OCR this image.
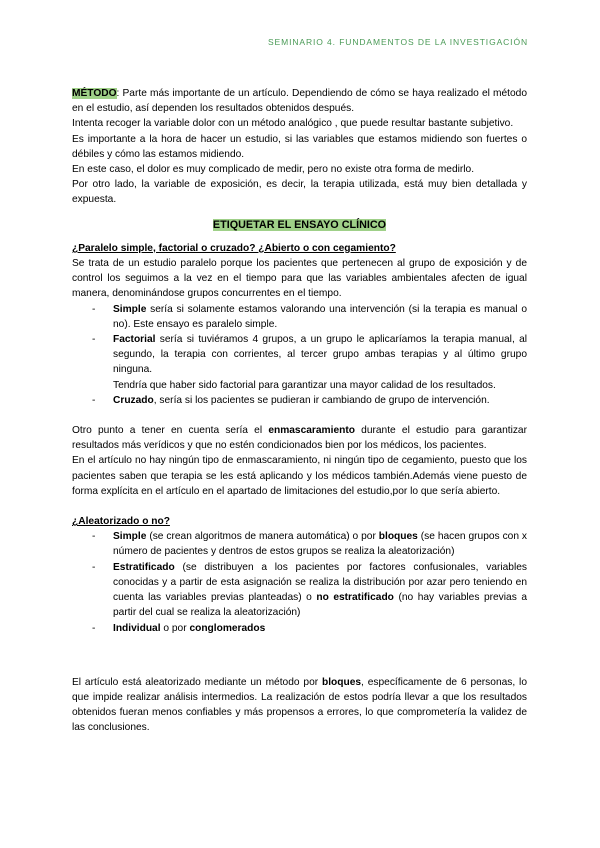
SEMINARIO 4. FUNDAMENTOS DE LA INVESTIGACIÓN

MÉTODO: Parte más importante de un artículo. Dependiendo de cómo se haya realizado el método en el estudio, así dependen los resultados obtenidos después.

Intenta recoger la variable dolor con un método analógico , que puede resultar bastante subjetivo.

Es importante a la hora de hacer un estudio, si las variables que estamos midiendo son fuertes o débiles y cómo las estamos midiendo.

En este caso, el dolor es muy complicado de medir, pero no existe otra forma de medirlo.

Por otro lado, la variable de exposición, es decir, la terapia utilizada, está muy bien detallada y expuesta.

ETIQUETAR EL ENSAYO CLÍNICO

¿Paralelo simple, factorial o cruzado? ¿Abierto o con cegamiento?

Se trata de un estudio paralelo porque los pacientes que pertenecen al grupo de exposición y de control los seguimos a la vez en el tiempo para que las variables ambientales afecten de igual manera, denominándose grupos concurrentes en el tiempo.

- Simple sería si solamente estamos valorando una intervención (si la terapia es manual o no). Este ensayo es paralelo simple.
- Factorial sería si tuviéramos 4 grupos, a un grupo le aplicaríamos la terapia manual, al segundo, la terapia con corrientes, al tercer grupo ambas terapias y al último grupo ninguna.
Tendría que haber sido factorial para garantizar una mayor calidad de los resultados.
- Cruzado, sería si los pacientes se pudieran ir cambiando de grupo de intervención.

Otro punto a tener en cuenta sería el enmascaramiento durante el estudio para garantizar resultados más verídicos y que no estén condicionados bien por los médicos, los pacientes.

En el artículo no hay ningún tipo de enmascaramiento, ni ningún tipo de cegamiento, puesto que los pacientes saben que terapia se les está aplicando y los médicos también.Además viene puesto de forma explícita en el artículo en el apartado de limitaciones del estudio,por lo que sería abierto.

¿Aleatorizado o no?

- Simple (se crean algoritmos de manera automática) o por bloques (se hacen grupos con x número de pacientes y dentros de estos grupos se realiza la aleatorización)
- Estratificado (se distribuyen a los pacientes por factores confusionales, variables conocidas y a partir de esta asignación se realiza la distribución por azar pero teniendo en cuenta las variables previas planteadas) o no estratificado (no hay variables previas a partir del cual se realiza la aleatorización)
- Individual o por conglomerados

El artículo está aleatorizado mediante un método por bloques, específicamente de 6 personas, lo que impide realizar análisis intermedios. La realización de estos podría llevar a que los resultados obtenidos fueran menos confiables y más propensos a errores, lo que comprometería la validez de las conclusiones.
